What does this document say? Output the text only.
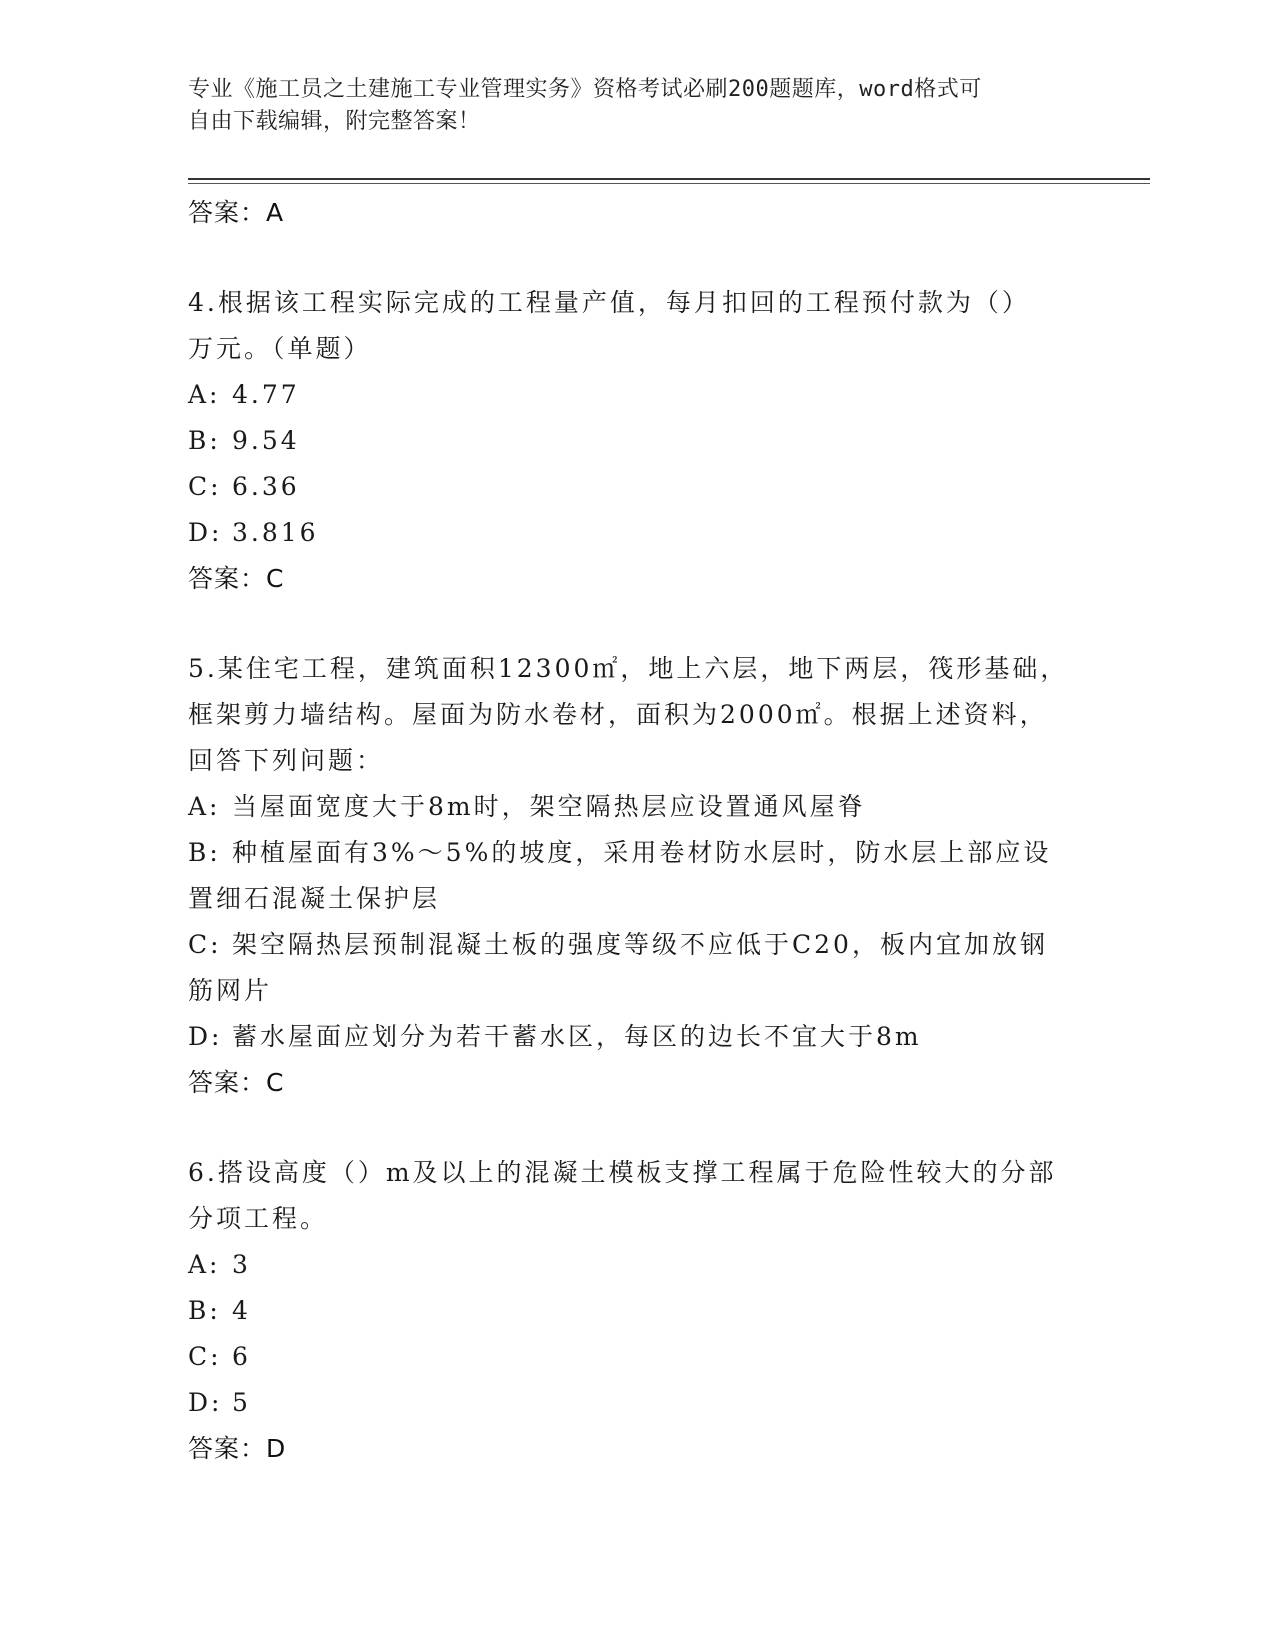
专业《施工员之土建施工专业管理实务》资格考试必刷200题题库，word格式可
自由下载编辑，附完整答案！
答案：A
4.根据该工程实际完成的工程量产值，每月扣回的工程预付款为（）
万元。（单题）
A: 4.77
B: 9.54
C: 6.36
D: 3.816
答案：C
5.某住宅工程，建筑面积12300㎡，地上六层，地下两层，筏形基础，
框架剪力墙结构。屋面为防水卷材，面积为2000㎡。根据上述资料，
回答下列问题：
A: 当屋面宽度大于8m时，架空隔热层应设置通风屋脊
B: 种植屋面有3%～5%的坡度，采用卷材防水层时，防水层上部应设
置细石混凝土保护层
C: 架空隔热层预制混凝土板的强度等级不应低于C20，板内宜加放钢
筋网片
D: 蓄水屋面应划分为若干蓄水区，每区的边长不宜大于8m
答案：C
6.搭设高度（）m及以上的混凝土模板支撑工程属于危险性较大的分部
分项工程。
A: 3
B: 4
C: 6
D: 5
答案：D
